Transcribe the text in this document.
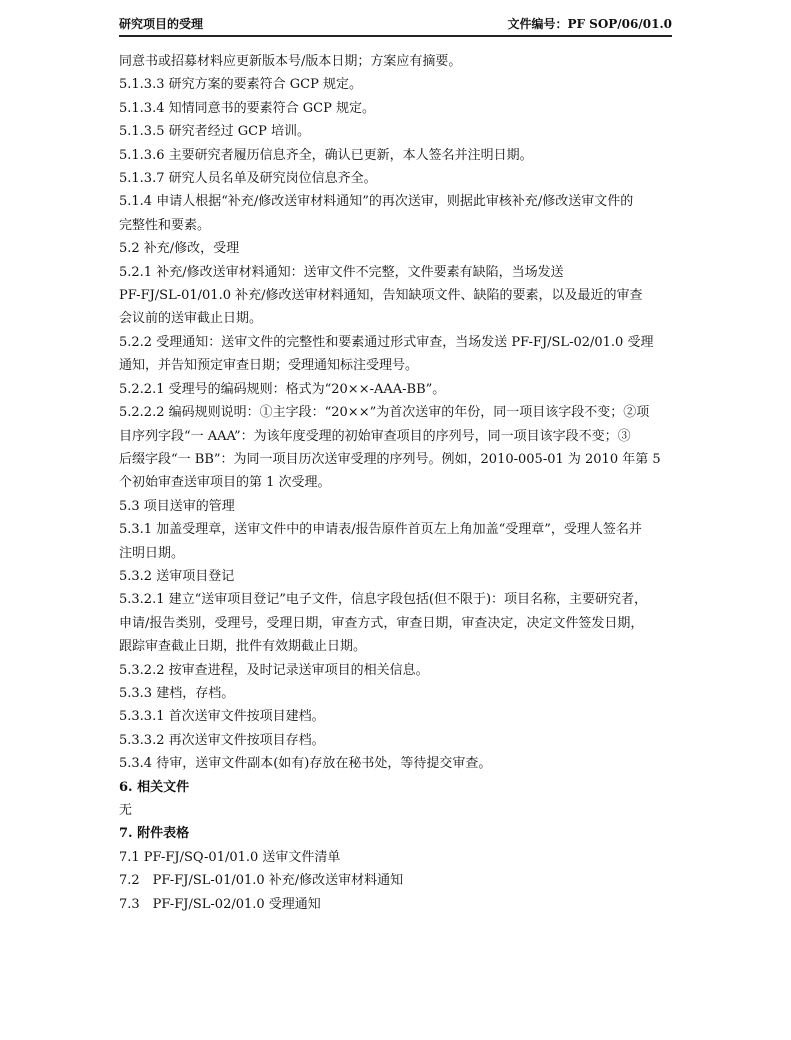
研究项目的受理	文件编号：PF SOP/06/01.0

同意书或招募材料应更新版本号/版本日期；方案应有摘要。

5.1.3.3 研究方案的要素符合 GCP 规定。

5.1.3.4 知情同意书的要素符合 GCP 规定。

5.1.3.5 研究者经过 GCP 培训。

5.1.3.6 主要研究者履历信息齐全，确认已更新，本人签名并注明日期。

5.1.3.7 研究人员名单及研究岗位信息齐全。

5.1.4 申请人根据“补充/修改送审材料通知”的再次送审，则据此审核补充/修改送审文件的

完整性和要素。

5.2 补充/修改，受理

5.2.1 补充/修改送审材料通知：送审文件不完整，文件要素有缺陷，当场发送

PF-FJ/SL-01/01.0 补充/修改送审材料通知，告知缺项文件、缺陷的要素，以及最近的审查

会议前的送审截止日期。

5.2.2 受理通知：送审文件的完整性和要素通过形式审查，当场发送 PF-FJ/SL-02/01.0 受理

通知，并告知预定审查日期；受理通知标注受理号。

5.2.2.1 受理号的编码规则：格式为“20××-AAA-BB”。

5.2.2.2 编码规则说明：①主字段：“20××”为首次送审的年份，同一项目该字段不变；②项

目序列字段“一 AAA”：为该年度受理的初始审查项目的序列号，同一项目该字段不变；③

后缀字段“一 BB”：为同一项目历次送审受理的序列号。例如，2010-005-01 为 2010 年第 5

个初始审查送审项目的第 1 次受理。

5.3 项目送审的管理

5.3.1 加盖受理章，送审文件中的申请表/报告原件首页左上角加盖“受理章”，受理人签名并

注明日期。

5.3.2 送审项目登记

5.3.2.1 建立“送审项目登记”电子文件，信息字段包括(但不限于)：项目名称，主要研究者，

申请/报告类别，受理号，受理日期，审查方式，审查日期，审查决定，决定文件签发日期，

跟踪审查截止日期，批件有效期截止日期。

5.3.2.2 按审查进程，及时记录送审项目的相关信息。

5.3.3 建档，存档。

5.3.3.1 首次送审文件按项目建档。

5.3.3.2 再次送审文件按项目存档。

5.3.4 待审，送审文件副本(如有)存放在秘书处，等待提交审查。

6. 相关文件

无

7. 附件表格

7.1 PF-FJ/SQ-01/01.0 送审文件清单

7.2　PF-FJ/SL-01/01.0 补充/修改送审材料通知

7.3　PF-FJ/SL-02/01.0 受理通知
